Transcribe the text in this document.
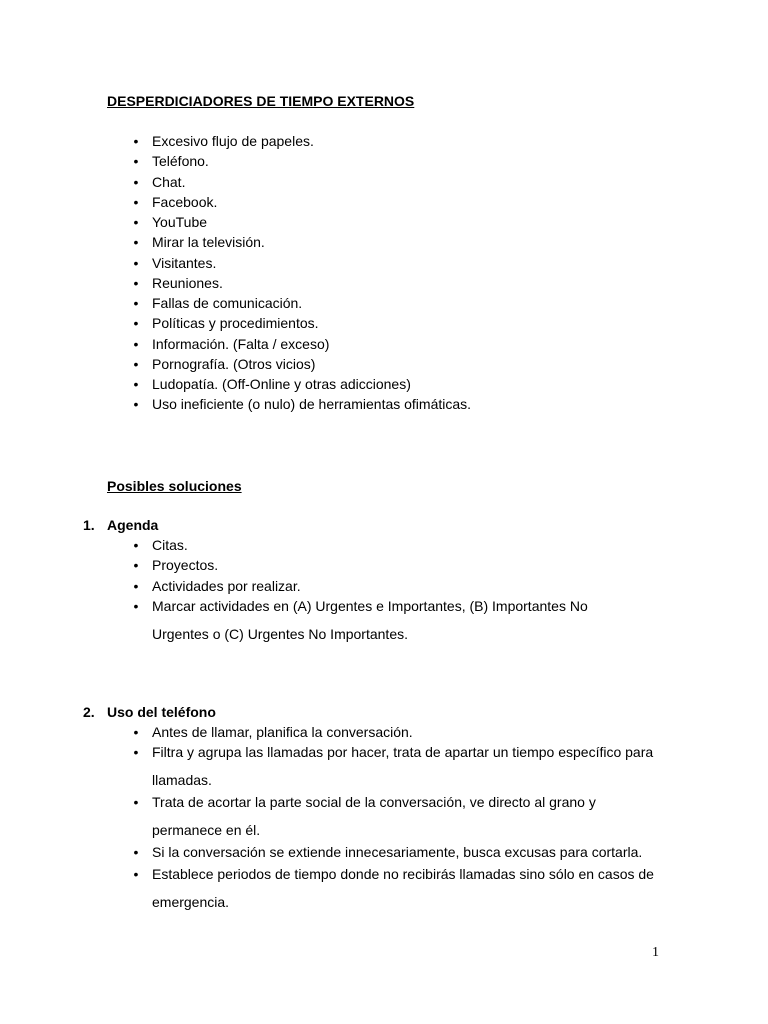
DESPERDICIADORES DE TIEMPO EXTERNOS
• Excesivo flujo de papeles.
• Teléfono.
• Chat.
• Facebook.
• YouTube
• Mirar la televisión.
• Visitantes.
• Reuniones.
• Fallas de comunicación.
• Políticas y procedimientos.
• Información. (Falta / exceso)
• Pornografía. (Otros vicios)
• Ludopatía. (Off-Online y otras adicciones)
• Uso ineficiente (o nulo) de herramientas ofimáticas.
Posibles soluciones
1. Agenda
• Citas.
• Proyectos.
• Actividades por realizar.
• Marcar actividades en (A) Urgentes e Importantes, (B) Importantes No Urgentes o (C) Urgentes No Importantes.
2. Uso del teléfono
• Antes de llamar, planifica la conversación.
• Filtra y agrupa las llamadas por hacer, trata de apartar un tiempo específico para llamadas.
• Trata de acortar la parte social de la conversación, ve directo al grano y permanece en él.
• Si la conversación se extiende innecesariamente, busca excusas para cortarla.
• Establece periodos de tiempo donde no recibirás llamadas sino sólo en casos de emergencia.
1
